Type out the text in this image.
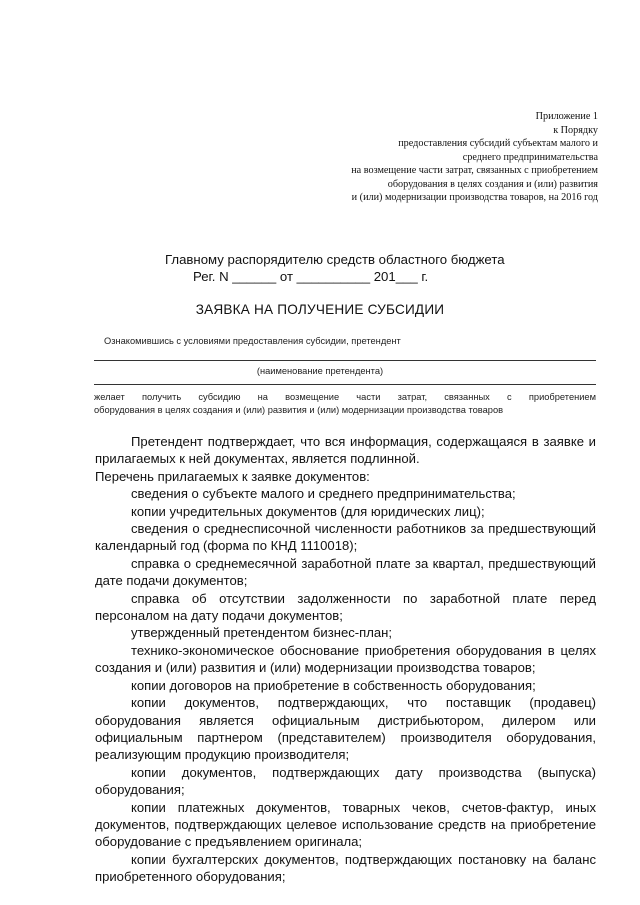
Приложение 1
к Порядку
предоставления субсидий субъектам малого и
среднего предпринимательства
на возмещение части затрат, связанных с приобретением
оборудования в целях создания и (или) развития
и (или) модернизации производства товаров, на 2016 год
Главному распорядителю средств областного бюджета
Рег. N ______ от __________ 201___ г.
ЗАЯВКА НА ПОЛУЧЕНИЕ СУБСИДИИ
Ознакомившись с условиями предоставления субсидии, претендент
(наименование претендента)
желает получить субсидию на возмещение части затрат, связанных с приобретением
оборудования в целях создания и (или) развития и (или) модернизации производства товаров

Претендент подтверждает, что вся информация, содержащаяся в заявке и прилагаемых к ней документах, является подлинной.

Перечень прилагаемых к заявке документов:

сведения о субъекте малого и среднего предпринимательства;

копии учредительных документов (для юридических лиц);

сведения о среднесписочной численности работников за предшествующий календарный год (форма по КНД 1110018);

справка о среднемесячной заработной плате за квартал, предшествующий дате подачи документов;

справка об отсутствии задолженности по заработной плате перед персоналом на дату подачи документов;

утвержденный претендентом бизнес-план;

технико-экономическое обоснование приобретения оборудования в целях создания и (или) развития и (или) модернизации производства товаров;

копии договоров на приобретение в собственность оборудования;

копии документов, подтверждающих, что поставщик (продавец) оборудования является официальным дистрибьютором, дилером или официальным партнером (представителем) производителя оборудования, реализующим продукцию производителя;

копии документов, подтверждающих дату производства (выпуска) оборудования;

копии платежных документов, товарных чеков, счетов-фактур, иных документов, подтверждающих целевое использование средств на приобретение оборудование с предъявлением оригинала;

копии бухгалтерских документов, подтверждающих постановку на баланс приобретенного оборудования;
